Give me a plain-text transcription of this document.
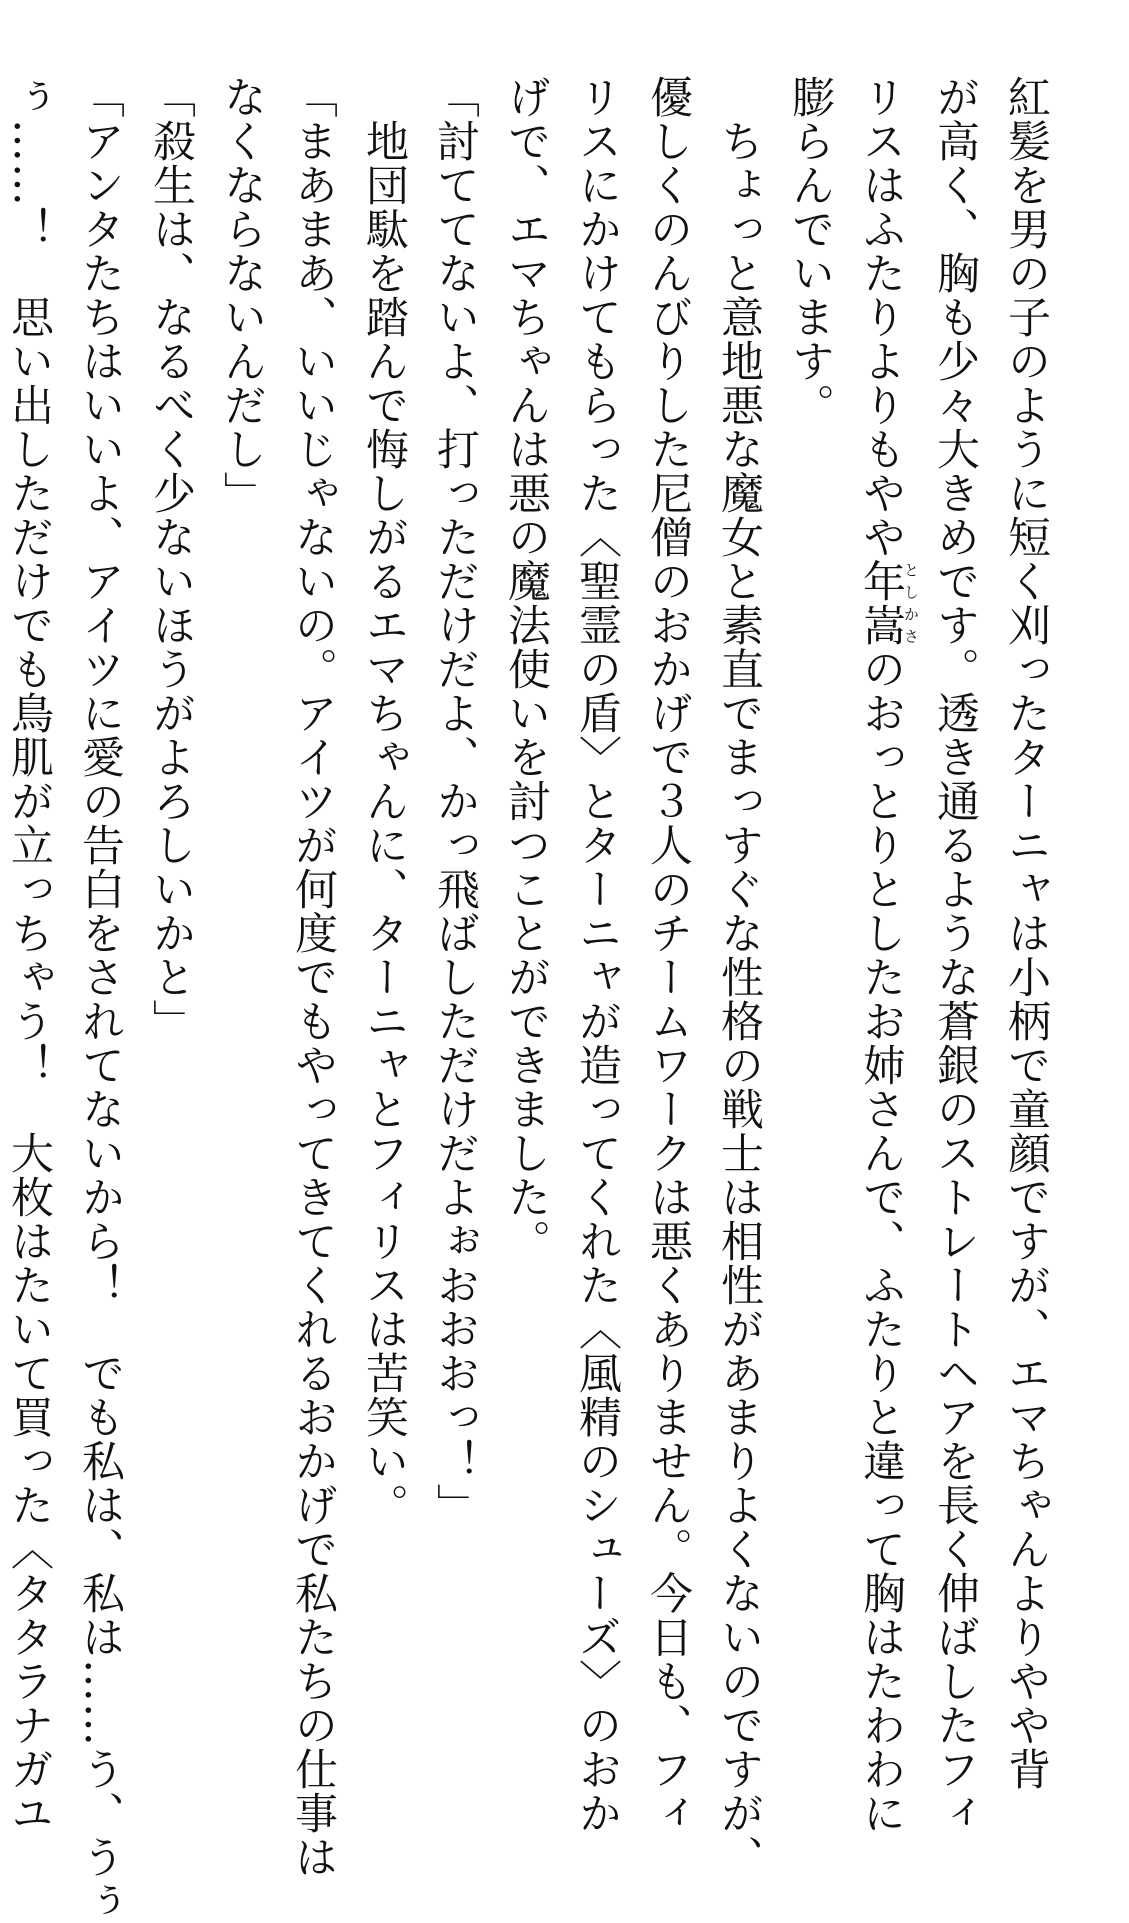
紅髪を男の子のように短く刈ったターニャは小柄で童顔ですが、エマちゃんよりやや背
が高く、胸も少々大きめです。透き通るような蒼銀のストレートヘアを長く伸ばしたフィ
リスはふたりよりもやや年嵩としかさのおっとりとしたお姉さんで、ふたりと違って胸はたわわに
膨らんでいます。
　ちょっと意地悪な魔女と素直でまっすぐな性格の戦士は相性があまりよくないのですが、
優しくのんびりした尼僧のおかげで３人のチームワークは悪くありません。今日も、フィ
リスにかけてもらった〈聖霊の盾〉とターニャが造ってくれた〈風精のシューズ〉のおか
げで、エマちゃんは悪の魔法使いを討つことができました。
「討ててないよ、打っただけだよ、かっ飛ばしただけだよぉおおおっ！」
　地団駄を踏んで悔しがるエマちゃんに、ターニャとフィリスは苦笑い。
「まあまあ、いいじゃないの。アイツが何度でもやってきてくれるおかげで私たちの仕事は
なくならないんだし」
「殺生は、なるべく少ないほうがよろしいかと」
「アンタたちはいいよ、アイツに愛の告白をされてないから！　でも私は、私は……う、うぅ
ぅ……！　思い出しただけでも鳥肌が立っちゃう！　大枚はたいて買った〈タタラナガユ
